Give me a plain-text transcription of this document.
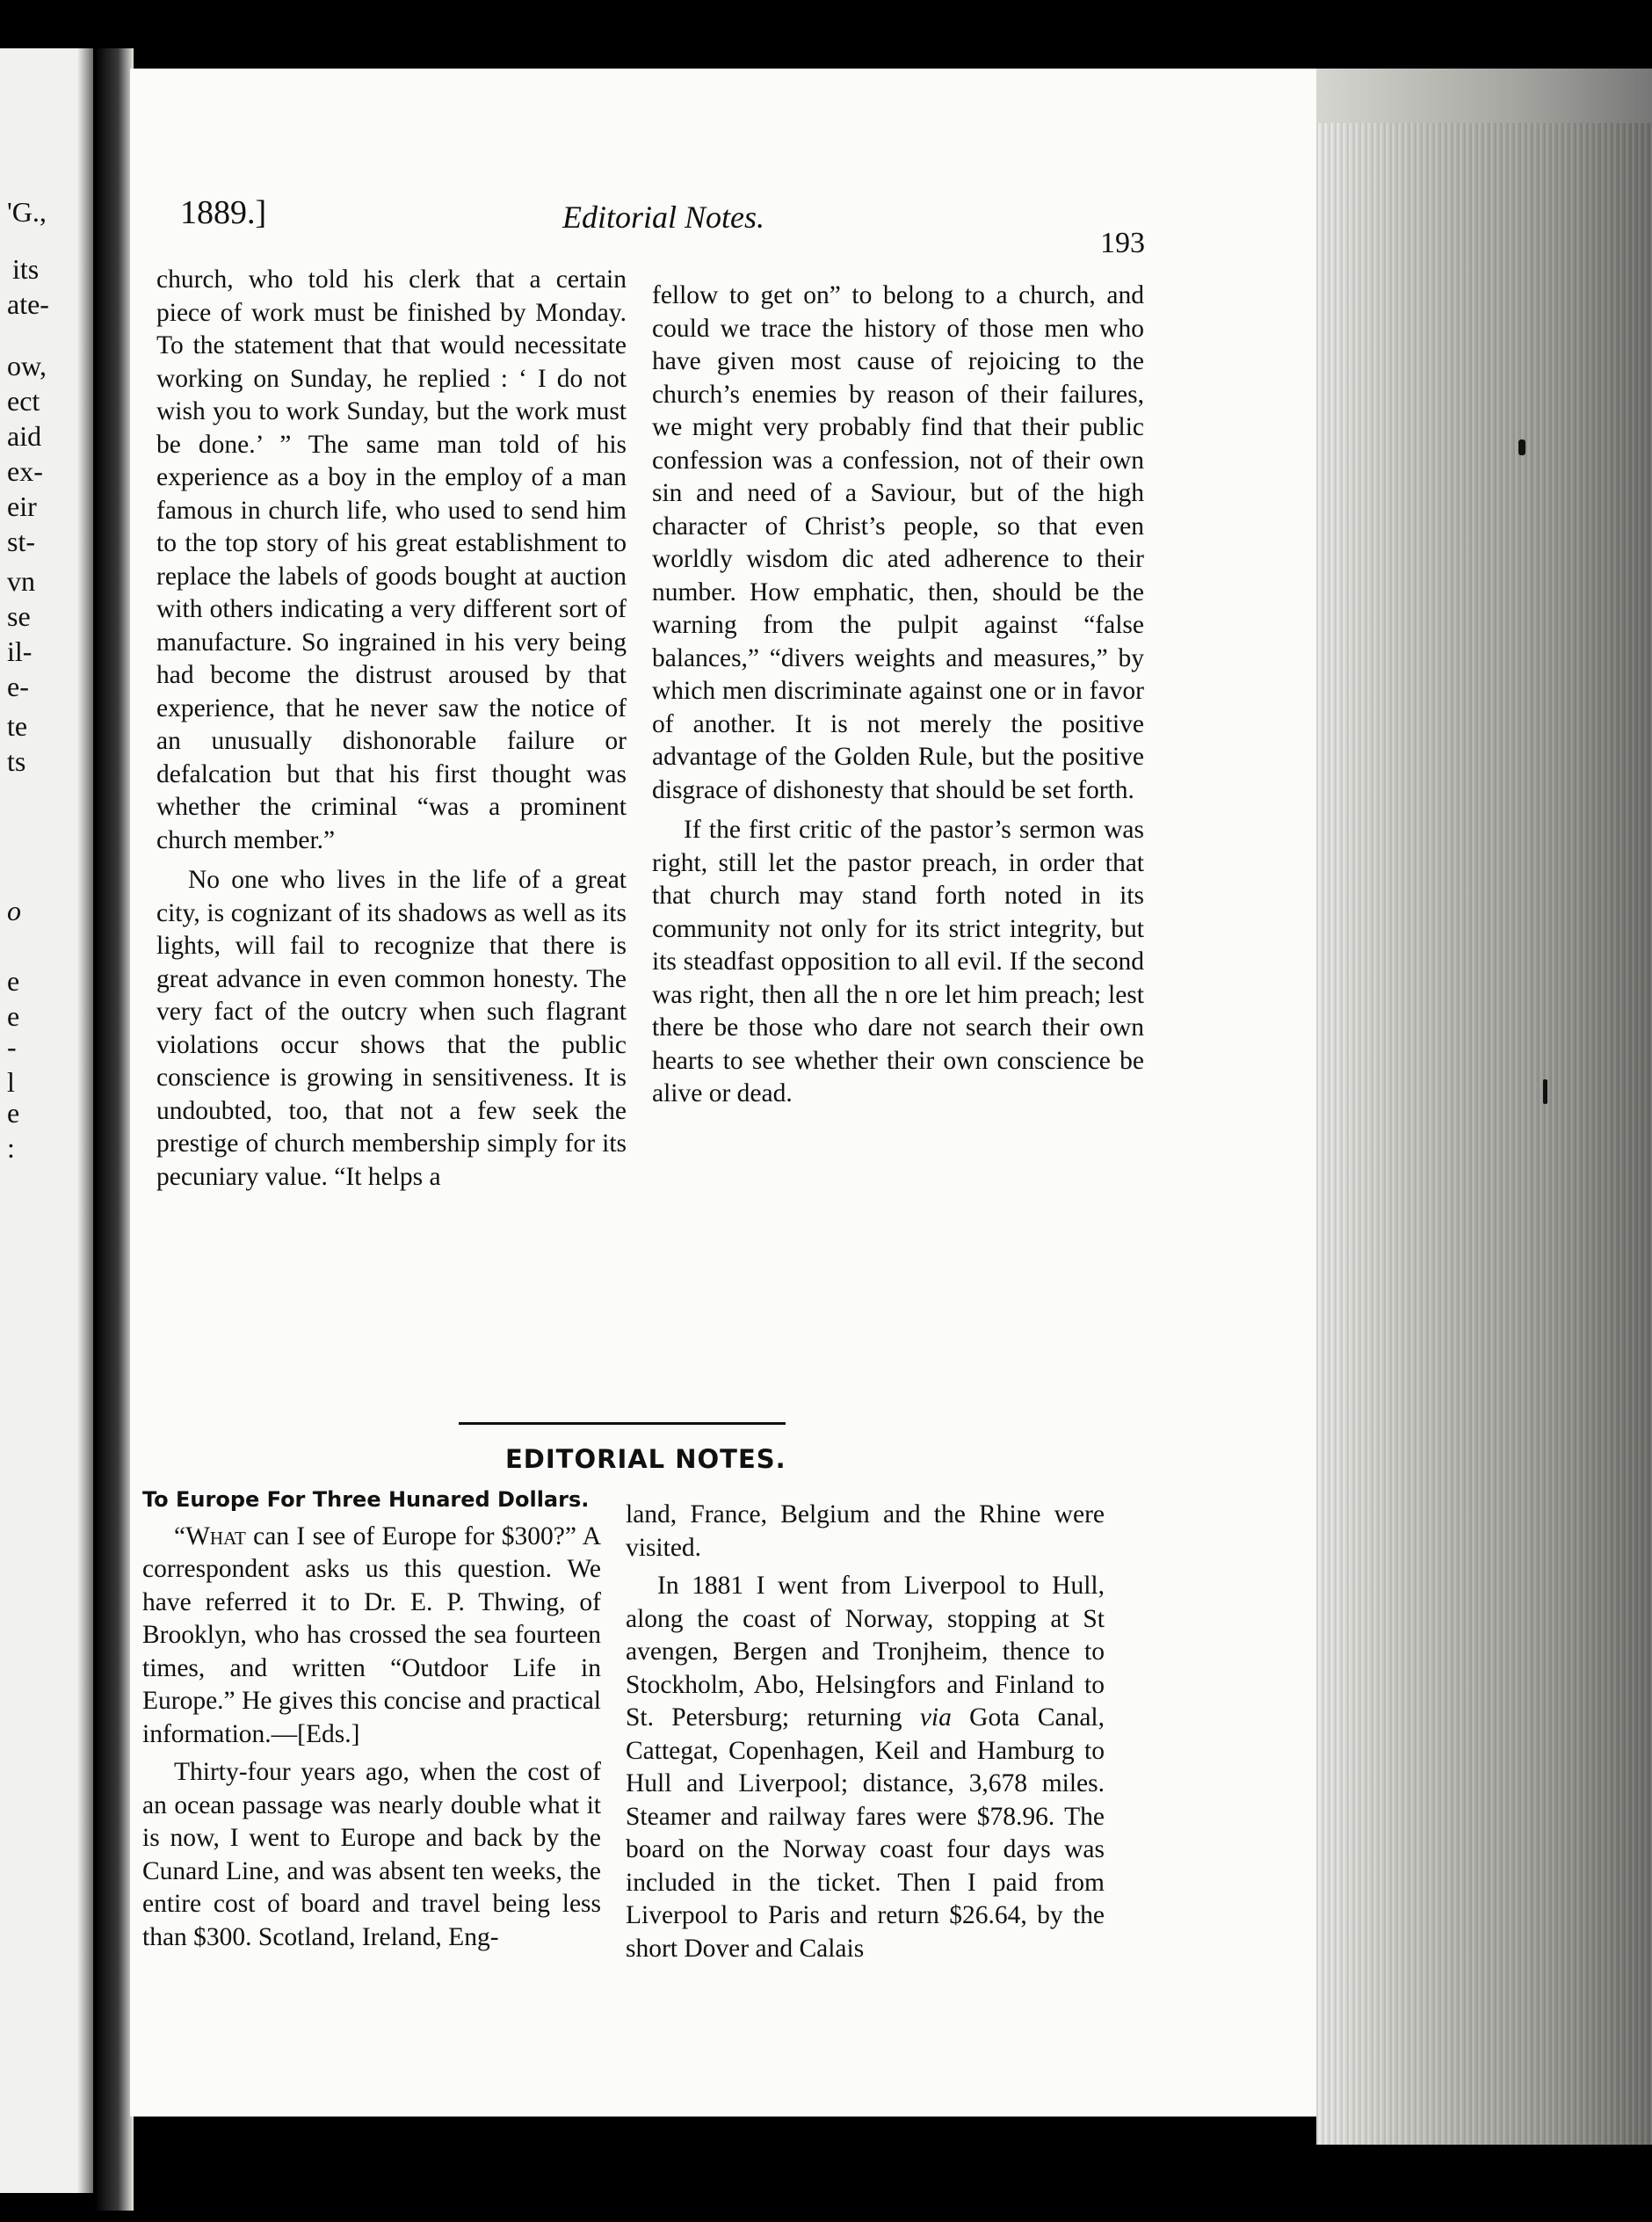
'G.,
its
ate-
ow,
ect
aid
ex-
eir
st-
vn
se
il-
e-
te
ts
o
e
e
-
l
e
:
1889.]	Editorial Notes.
193

church, who told his clerk that a certain piece of work must be finished by Monday. To the statement that that would necessitate working on Sunday, he replied : ‘ I do not wish you to work Sunday, but the work must be done.’ ” The same man told of his experience as a boy in the employ of a man famous in church life, who used to send him to the top story of his great establishment to replace the labels of goods bought at auction with others indicating a very different sort of manufacture. So ingrained in his very being had become the distrust aroused by that experience, that he never saw the notice of an unusually dishonorable failure or defalcation but that his first thought was whether the criminal “was a prominent church member.”

No one who lives in the life of a great city, is cognizant of its shadows as well as its lights, will fail to recognize that there is great advance in even common honesty. The very fact of the outcry when such flagrant violations occur shows that the public conscience is growing in sensitiveness. It is undoubted, too, that not a few seek the prestige of church membership simply for its pecuniary value. “It helps a

fellow to get on” to belong to a church, and could we trace the history of those men who have given most cause of rejoicing to the church’s enemies by reason of their failures, we might very probably find that their public confession was a confession, not of their own sin and need of a Saviour, but of the high character of Christ’s people, so that even worldly wisdom dic ated adherence to their number. How emphatic, then, should be the warning from the pulpit against “false balances,” “divers weights and measures,” by which men discriminate against one or in favor of another. It is not merely the positive advantage of the Golden Rule, but the positive disgrace of dishonesty that should be set forth.

If the first critic of the pastor’s sermon was right, still let the pastor preach, in order that that church may stand forth noted in its community not only for its strict integrity, but its steadfast opposition to all evil. If the second was right, then all the n ore let him preach; lest there be those who dare not search their own hearts to see whether their own conscience be alive or dead.

EDITORIAL NOTES.

To Europe For Three Hunared Dollars.

“What can I see of Europe for $300?” A correspondent asks us this question. We have referred it to Dr. E. P. Thwing, of Brooklyn, who has crossed the sea fourteen times, and written “Outdoor Life in Europe.” He gives this concise and practical information.—[Eds.]

Thirty-four years ago, when the cost of an ocean passage was nearly double what it is now, I went to Europe and back by the Cunard Line, and was absent ten weeks, the entire cost of board and travel being less than $300. Scotland, Ireland, Eng-

land, France, Belgium and the Rhine were visited.

In 1881 I went from Liverpool to Hull, along the coast of Norway, stopping at St avengen, Bergen and Tronjheim, thence to Stockholm, Abo, Helsingfors and Finland to St. Petersburg; returning via Gota Canal, Cattegat, Copenhagen, Keil and Hamburg to Hull and Liverpool; distance, 3,678 miles. Steamer and railway fares were $78.96. The board on the Norway coast four days was included in the ticket. Then I paid from Liverpool to Paris and return $26.64, by the short Dover and Calais
